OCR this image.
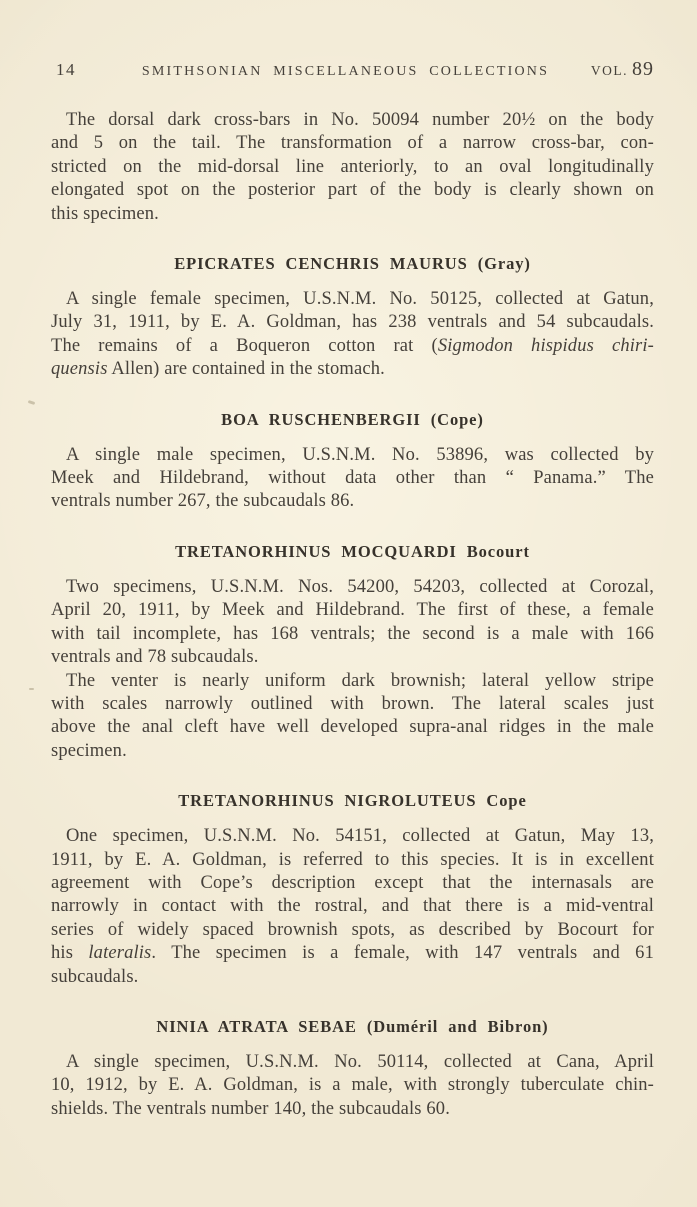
14	SMITHSONIAN MISCELLANEOUS COLLECTIONS	VOL. 89
The dorsal dark cross-bars in No. 50094 number 20½ on the body
and 5 on the tail. The transformation of a narrow cross-bar, con-
stricted on the mid-dorsal line anteriorly, to an oval longitudinally
elongated spot on the posterior part of the body is clearly shown on
this specimen.
EPICRATES CENCHRIS MAURUS (Gray)
A single female specimen, U.S.N.M. No. 50125, collected at Gatun,
July 31, 1911, by E. A. Goldman, has 238 ventrals and 54 subcaudals.
The remains of a Boqueron cotton rat (Sigmodon hispidus chiri-
quensis Allen) are contained in the stomach.
BOA RUSCHENBERGII (Cope)
A single male specimen, U.S.N.M. No. 53896, was collected by
Meek and Hildebrand, without data other than “ Panama.” The
ventrals number 267, the subcaudals 86.
TRETANORHINUS MOCQUARDI Bocourt
Two specimens, U.S.N.M. Nos. 54200, 54203, collected at Corozal,
April 20, 1911, by Meek and Hildebrand. The first of these, a female
with tail incomplete, has 168 ventrals; the second is a male with 166
ventrals and 78 subcaudals.
The venter is nearly uniform dark brownish; lateral yellow stripe
with scales narrowly outlined with brown. The lateral scales just
above the anal cleft have well developed supra-anal ridges in the male
specimen.
TRETANORHINUS NIGROLUTEUS Cope
One specimen, U.S.N.M. No. 54151, collected at Gatun, May 13,
1911, by E. A. Goldman, is referred to this species. It is in excellent
agreement with Cope’s description except that the internasals are
narrowly in contact with the rostral, and that there is a mid-ventral
series of widely spaced brownish spots, as described by Bocourt for
his lateralis. The specimen is a female, with 147 ventrals and 61
subcaudals.
NINIA ATRATA SEBAE (Duméril and Bibron)
A single specimen, U.S.N.M. No. 50114, collected at Cana, April
10, 1912, by E. A. Goldman, is a male, with strongly tuberculate chin-
shields. The ventrals number 140, the subcaudals 60.
